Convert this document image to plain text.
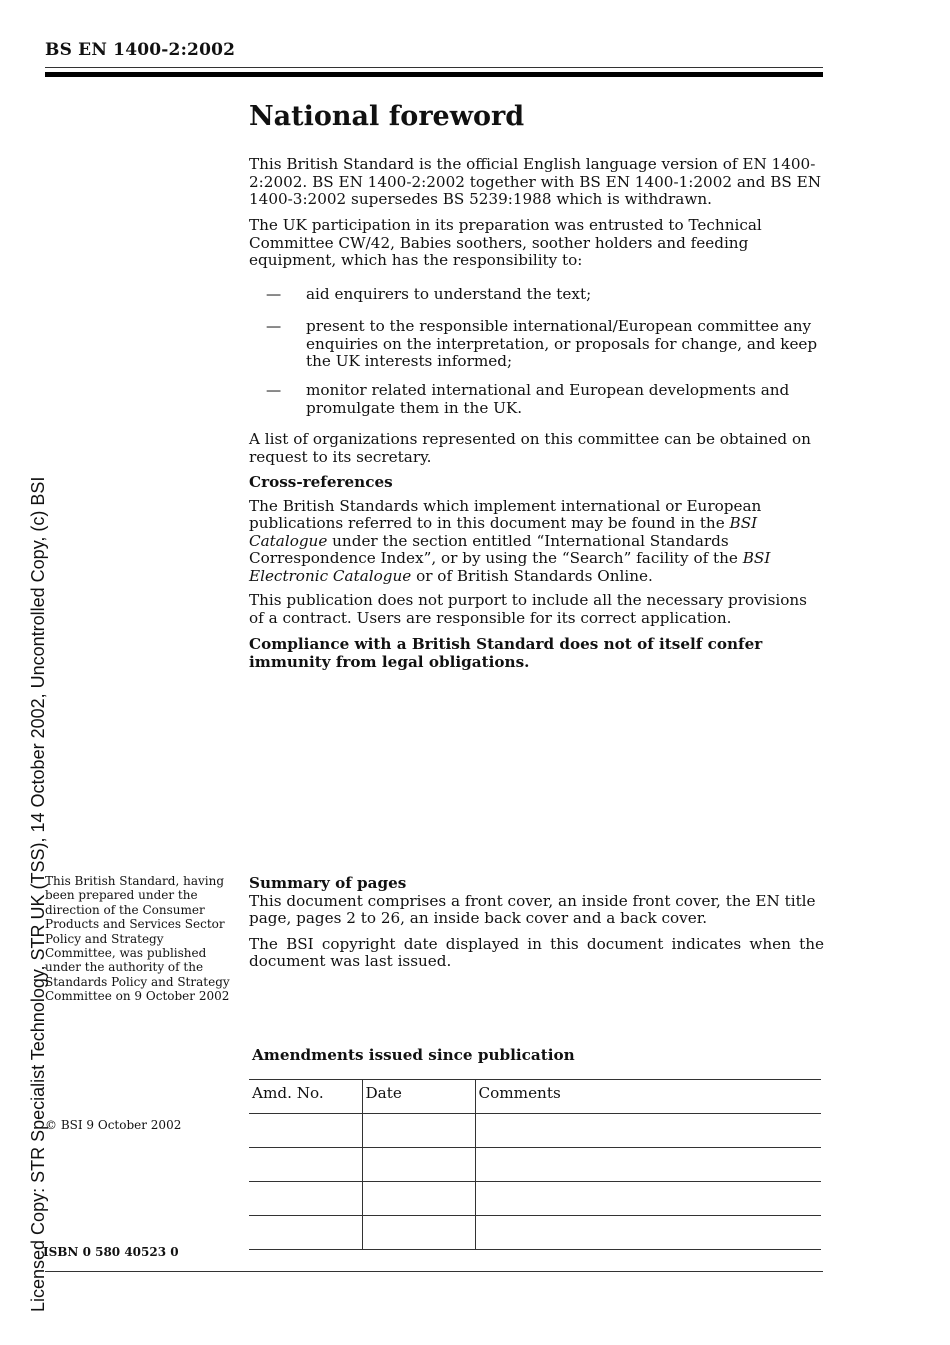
BS EN 1400-2:2002
Licensed Copy: STR Specialist Technology, STR UK (TSS), 14 October 2002, Uncontrolled Copy, (c) BSI
National foreword

This British Standard is the official English language version of EN 1400-2:2002. BS EN 1400-2:2002 together with BS EN 1400-1:2002 and BS EN 1400-3:2002 supersedes BS 5239:1988 which is withdrawn.

The UK participation in its preparation was entrusted to Technical Committee CW/42, Babies soothers, soother holders and feeding equipment, which has the responsibility to:

— aid enquirers to understand the text;
— present to the responsible international/European committee any enquiries on the interpretation, or proposals for change, and keep the UK interests informed;
— monitor related international and European developments and promulgate them in the UK.

A list of organizations represented on this committee can be obtained on request to its secretary.

Cross-references

The British Standards which implement international or European publications referred to in this document may be found in the BSI Catalogue under the section entitled “International Standards Correspondence Index”, or by using the “Search” facility of the BSI Electronic Catalogue or of British Standards Online.

This publication does not purport to include all the necessary provisions of a contract. Users are responsible for its correct application.

Compliance with a British Standard does not of itself confer immunity from legal obligations.

This British Standard, having been prepared under the direction of the Consumer Products and Services Sector Policy and Strategy Committee, was published under the authority of the Standards Policy and Strategy Committee on 9 October 2002

Summary of pages

This document comprises a front cover, an inside front cover, the EN title page, pages 2 to 26, an inside back cover and a back cover.

The BSI copyright date displayed in this document indicates when the document was last issued.

Amendments issued since publication

Amd. No.	Date	Comments

© BSI 9 October 2002

ISBN 0 580 40523 0
